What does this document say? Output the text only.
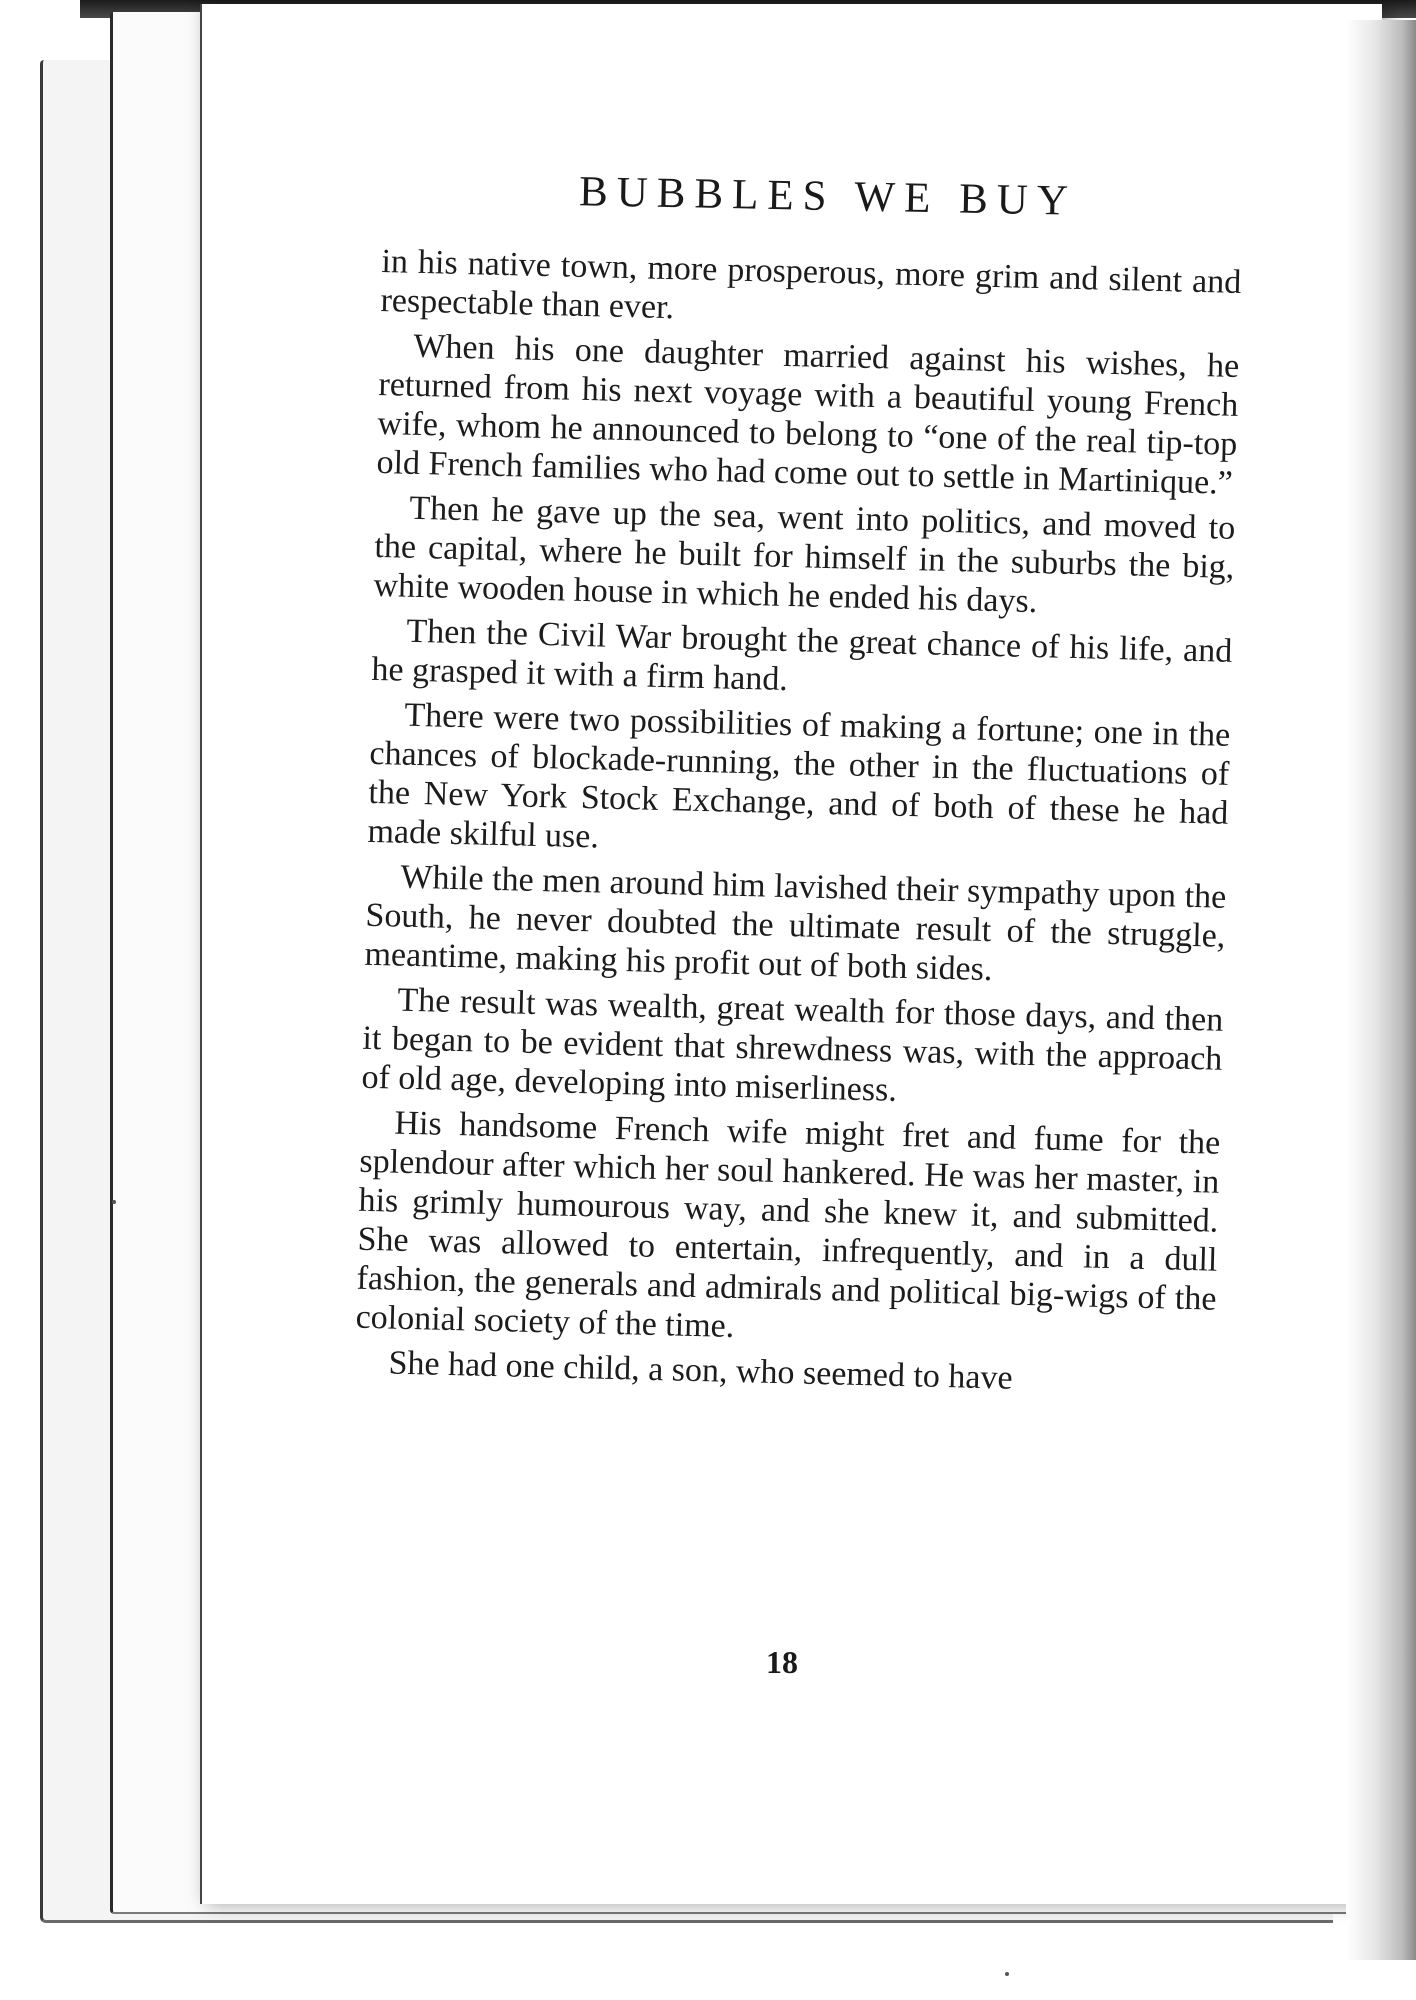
BUBBLES WE BUY

in his native town, more prosperous, more grim and silent and respectable than ever.

When his one daughter married against his wishes, he returned from his next voyage with a beautiful young French wife, whom he announced to belong to “one of the real tip-top old French families who had come out to settle in Martinique.”

Then he gave up the sea, went into politics, and moved to the capital, where he built for himself in the suburbs the big, white wooden house in which he ended his days.

Then the Civil War brought the great chance of his life, and he grasped it with a firm hand.

There were two possibilities of making a fortune; one in the chances of blockade-running, the other in the fluctuations of the New York Stock Exchange, and of both of these he had made skilful use.

While the men around him lavished their sympathy upon the South, he never doubted the ultimate result of the struggle, meantime, making his profit out of both sides.

The result was wealth, great wealth for those days, and then it began to be evident that shrewdness was, with the approach of old age, developing into miserliness.

His handsome French wife might fret and fume for the splendour after which her soul hankered. He was her master, in his grimly humourous way, and she knew it, and submitted. She was allowed to entertain, infrequently, and in a dull fashion, the generals and admirals and political big-wigs of the colonial society of the time.

She had one child, a son, who seemed to have

18
